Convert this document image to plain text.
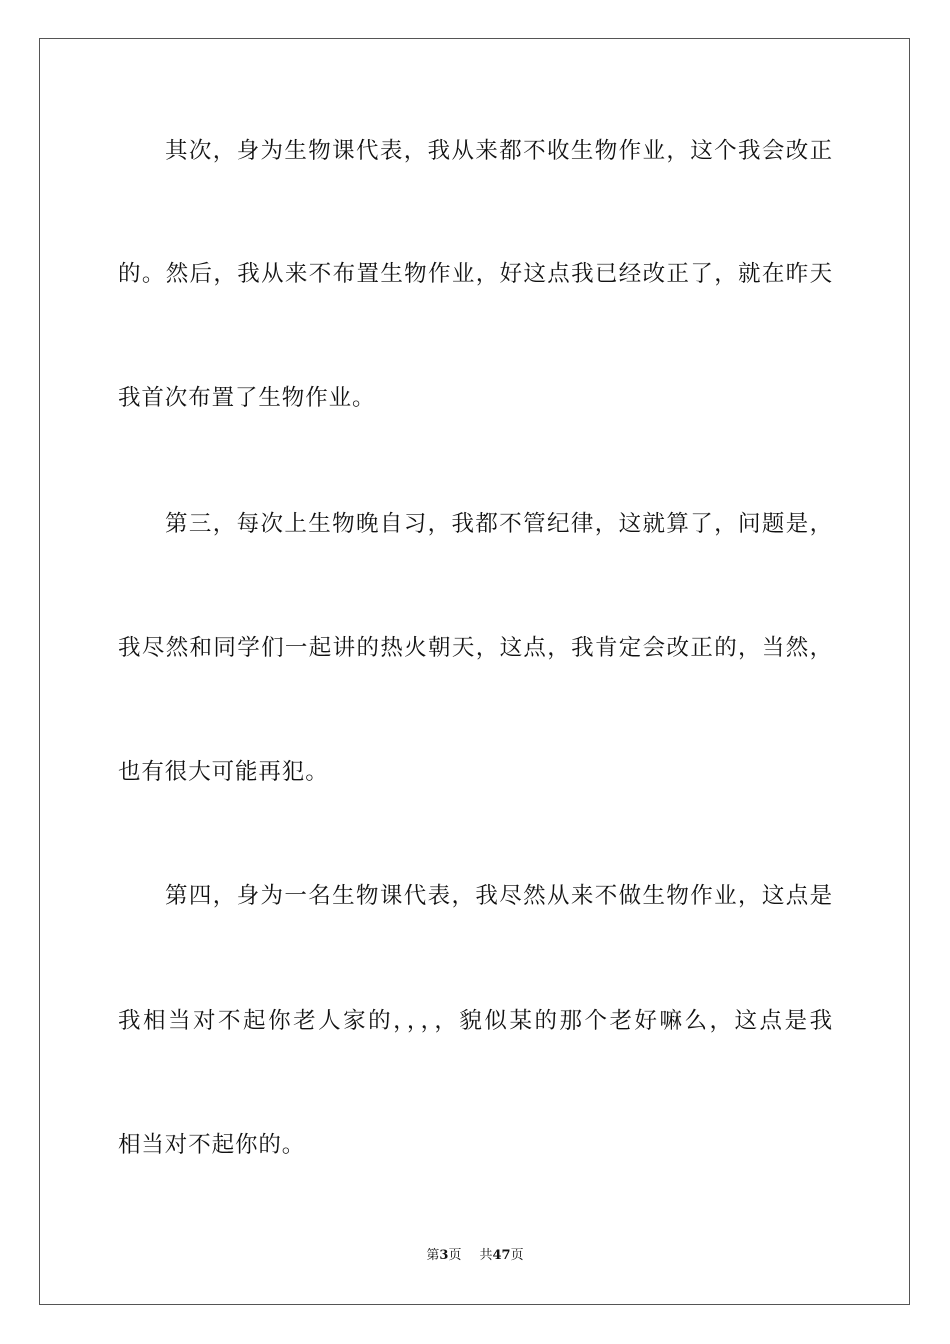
其次，身为生物课代表，我从来都不收生物作业，这个我会改正
的。然后，我从来不布置生物作业，好这点我已经改正了，就在昨天
我首次布置了生物作业。
第三，每次上生物晚自习，我都不管纪律，这就算了，问题是，
我尽然和同学们一起讲的热火朝天，这点，我肯定会改正的，当然，
也有很大可能再犯。
第四，身为一名生物课代表，我尽然从来不做生物作业，这点是
我相当对不起你老人家的，，，，貌似某的那个老好嘛么，这点是我
相当对不起你的。
第3页 共47页
